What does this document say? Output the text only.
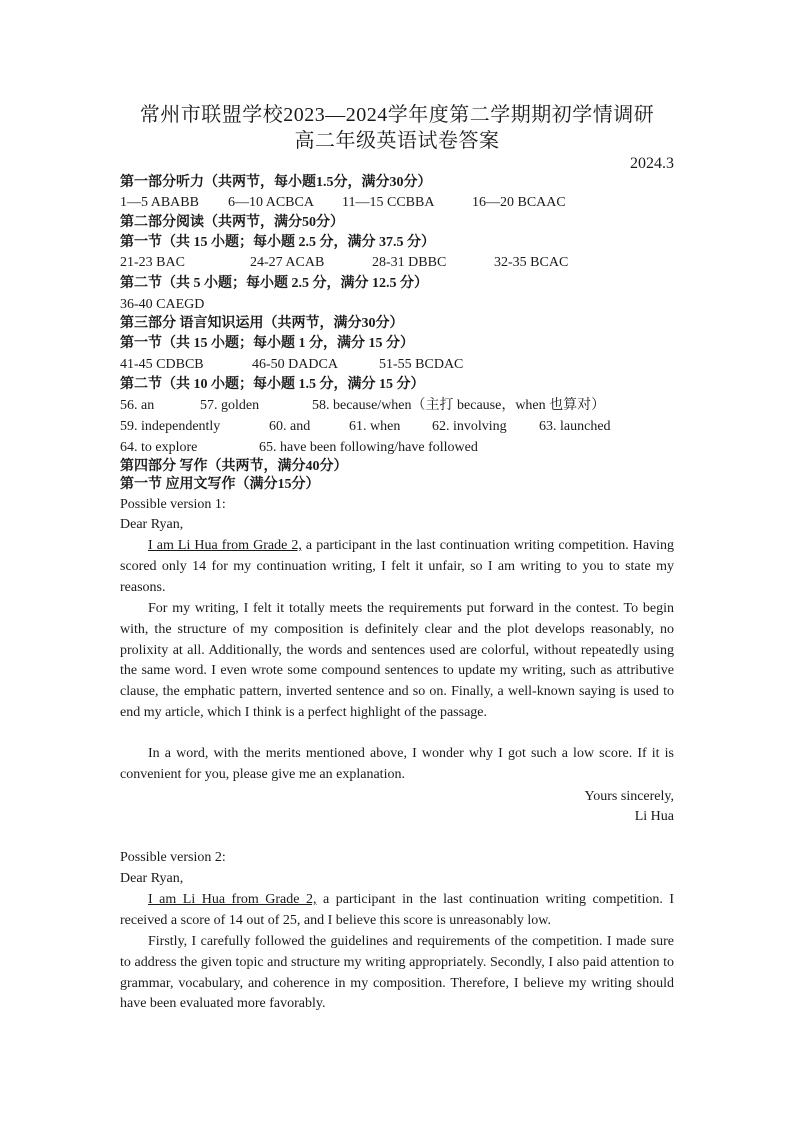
常州市联盟学校2023—2024学年度第二学期期初学情调研
高二年级英语试卷答案
2024.3
第一部分听力（共两节，每小题1.5分，满分30分）
1—5 ABABB 6—10 ACBCA 11—15 CCBBA	16—20 BCAAC
第二部分阅读（共两节，满分50分）
第一节（共 15 小题；每小题 2.5 分，满分 37.5 分）
21-23 BAC	24-27 ACAB	28-31 DBBC	32-35 BCAC
第二节（共 5 小题；每小题 2.5 分，满分 12.5 分）
36-40 CAEGD
第三部分 语言知识运用（共两节，满分30分）
第一节（共 15 小题；每小题 1 分，满分 15 分）
41-45 CDBCB	46-50 DADCA	51-55 BCDAC
第二节（共 10 小题；每小题 1.5 分，满分 15 分）
56. an	57. golden	58. because/when（主打 because，when 也算对）
59. independently	60. and	61. when 62. involving 63. launched
64. to explore	65. have been following/have followed
第四部分 写作（共两节，满分40分）
第一节 应用文写作（满分15分）
Possible version 1:
Dear Ryan,
I am Li Hua from Grade 2, a participant in the last continuation writing competition. Having scored only 14 for my continuation writing, I felt it unfair, so I am writing to you to state my reasons.
For my writing, I felt it totally meets the requirements put forward in the contest. To begin with, the structure of my composition is definitely clear and the plot develops reasonably, no prolixity at all. Additionally, the words and sentences used are colorful, without repeatedly using the same word. I even wrote some compound sentences to update my writing, such as attributive clause, the emphatic pattern, inverted sentence and so on. Finally, a well-known saying is used to end my article, which I think is a perfect highlight of the passage.
In a word, with the merits mentioned above, I wonder why I got such a low score. If it is convenient for you, please give me an explanation.
Yours sincerely,
Li Hua
Possible version 2:
Dear Ryan,
I am Li Hua from Grade 2, a participant in the last continuation writing competition. I received a score of 14 out of 25, and I believe this score is unreasonably low.
Firstly, I carefully followed the guidelines and requirements of the competition. I made sure to address the given topic and structure my writing appropriately. Secondly, I also paid attention to grammar, vocabulary, and coherence in my composition. Therefore, I believe my writing should have been evaluated more favorably.
